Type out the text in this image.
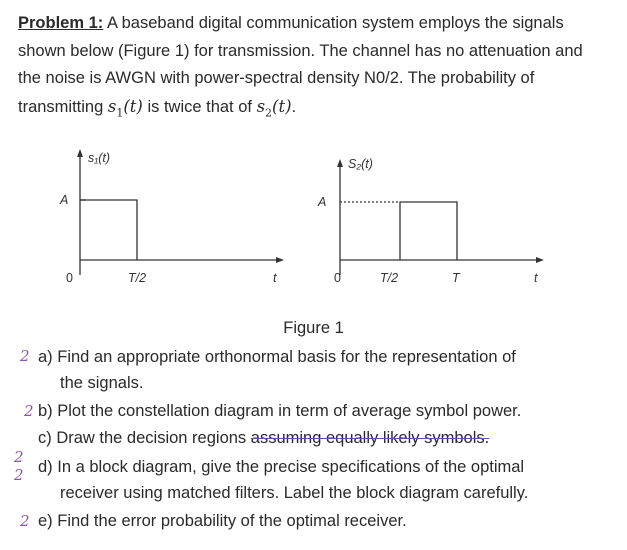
Problem 1: A baseband digital communication system employs the signals shown below (Figure 1) for transmission. The channel has no attenuation and the noise is AWGN with power-spectral density N0/2. The probability of transmitting $s_1(t)$ is twice that of $s_2(t)$.
s₁(t)
A
0	T/2	t
S₂(t)
A
0	T/2	T	t
Figure 1
a) Find an appropriate orthonormal basis for the representation of
the signals.
b) Plot the constellation diagram in term of average symbol power.
c) Draw the decision regions assuming equally likely symbols.
d) In a block diagram, give the precise specifications of the optimal
receiver using matched filters. Label the block diagram carefully.
e) Find the error probability of the optimal receiver.
2
2
2
2
2
